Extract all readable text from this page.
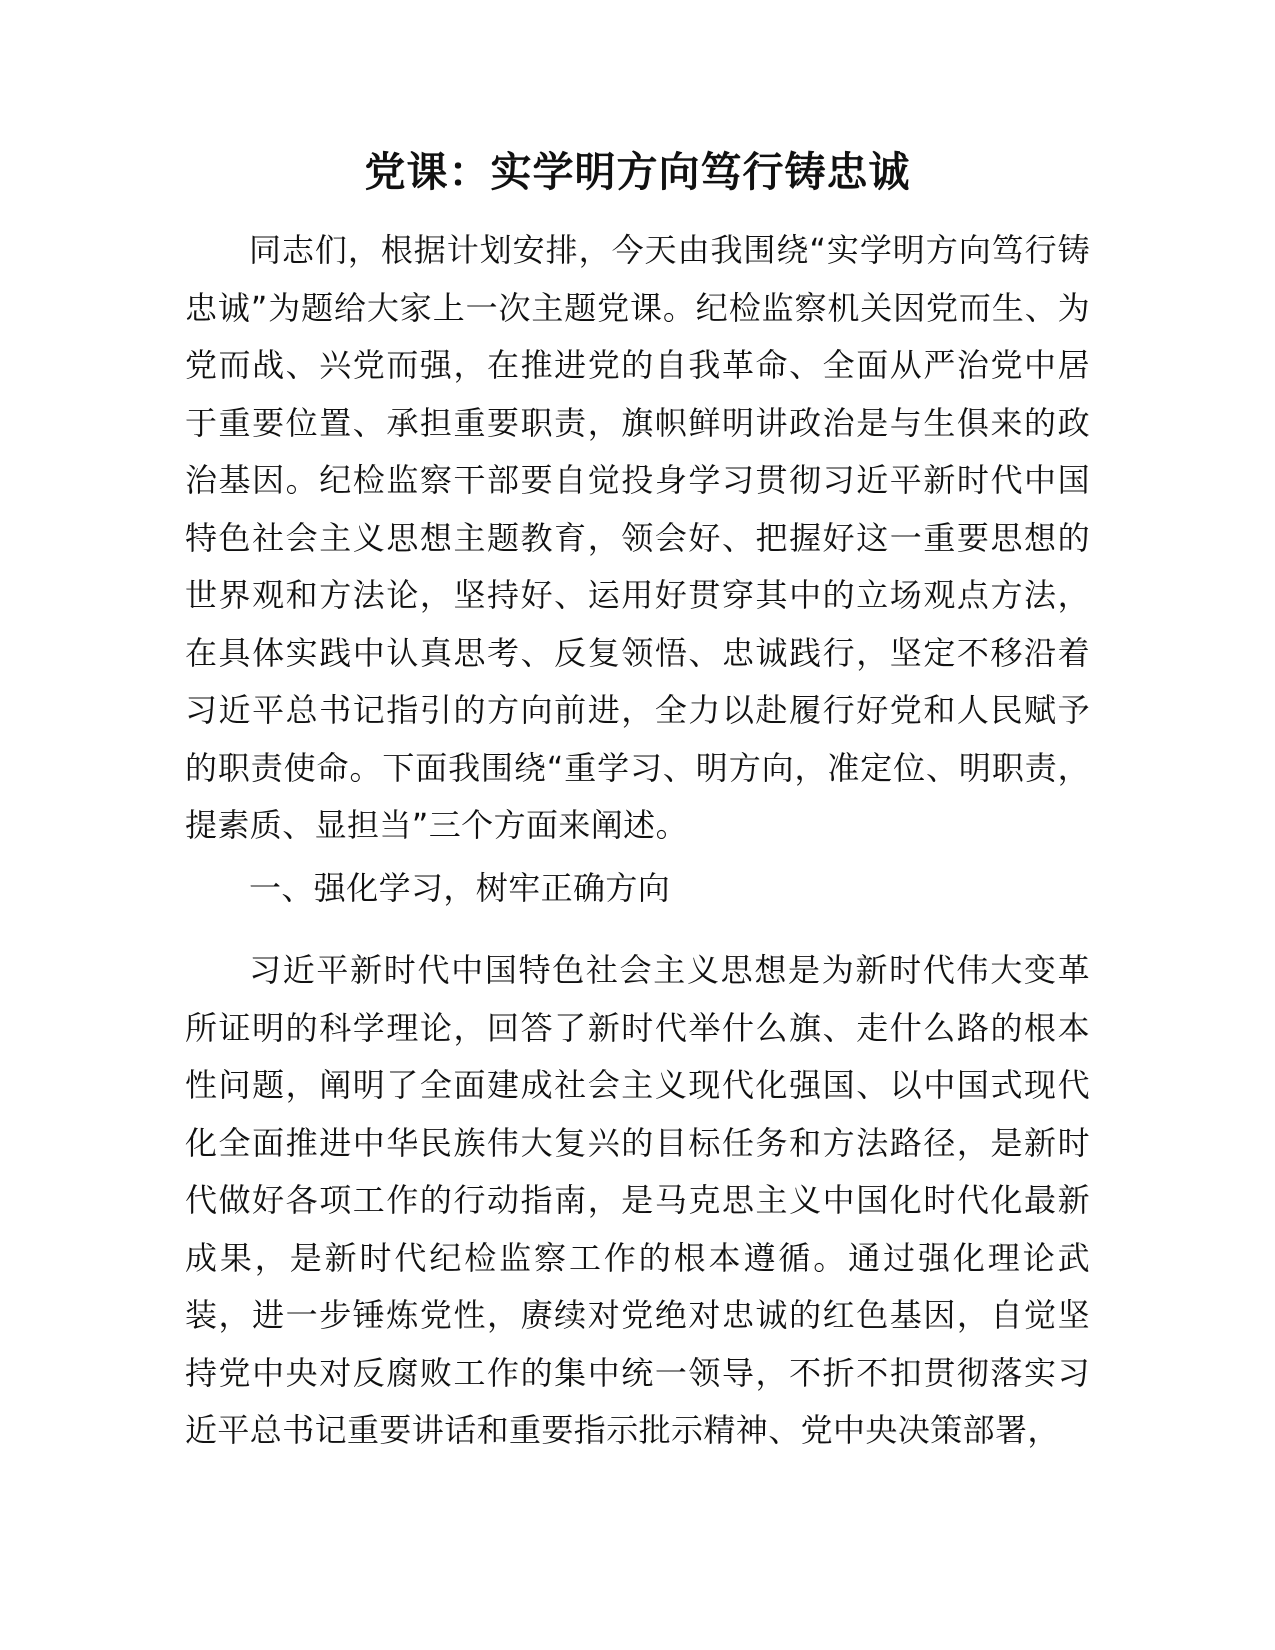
党课：实学明方向笃行铸忠诚

同志们，根据计划安排，今天由我围绕“实学明方向笃行铸忠诚”为题给大家上一次主题党课。纪检监察机关因党而生、为党而战、兴党而强，在推进党的自我革命、全面从严治党中居于重要位置、承担重要职责，旗帜鲜明讲政治是与生俱来的政治基因。纪检监察干部要自觉投身学习贯彻习近平新时代中国特色社会主义思想主题教育，领会好、把握好这一重要思想的世界观和方法论，坚持好、运用好贯穿其中的立场观点方法，在具体实践中认真思考、反复领悟、忠诚践行，坚定不移沿着习近平总书记指引的方向前进，全力以赴履行好党和人民赋予的职责使命。下面我围绕“重学习、明方向，准定位、明职责，提素质、显担当”三个方面来阐述。

一、强化学习，树牢正确方向

习近平新时代中国特色社会主义思想是为新时代伟大变革所证明的科学理论，回答了新时代举什么旗、走什么路的根本性问题，阐明了全面建成社会主义现代化强国、以中国式现代化全面推进中华民族伟大复兴的目标任务和方法路径，是新时代做好各项工作的行动指南，是马克思主义中国化时代化最新成果，是新时代纪检监察工作的根本遵循。通过强化理论武装，进一步锤炼党性，赓续对党绝对忠诚的红色基因，自觉坚持党中央对反腐败工作的集中统一领导，不折不扣贯彻落实习近平总书记重要讲话和重要指示批示精神、党中央决策部署，
